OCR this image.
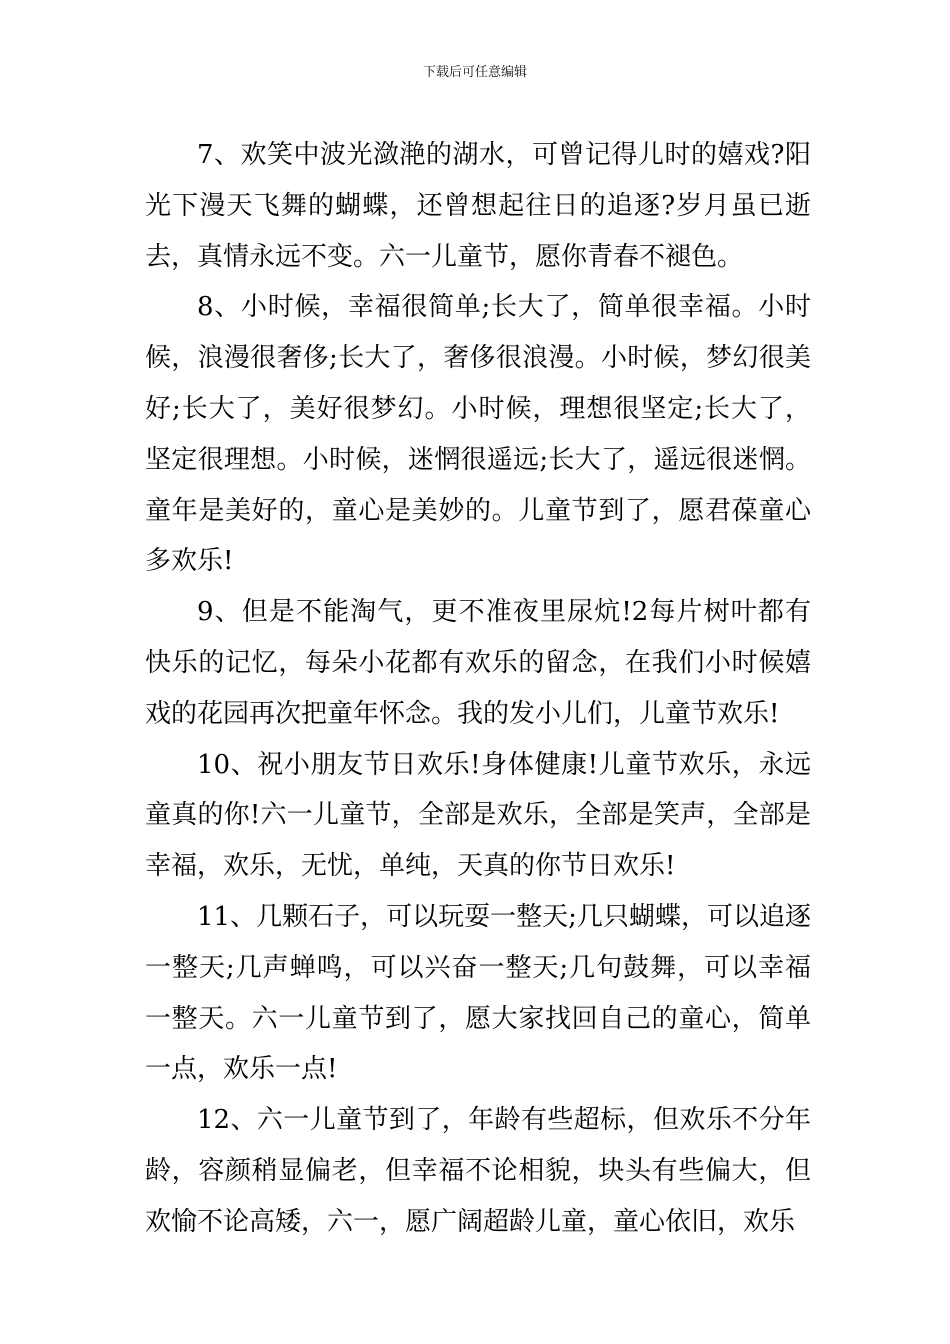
下载后可任意编辑

7、欢笑中波光潋滟的湖水，可曾记得儿时的嬉戏?阳光下漫天飞舞的蝴蝶，还曾想起往日的追逐?岁月虽已逝去，真情永远不变。六一儿童节，愿你青春不褪色。

8、小时候，幸福很简单;长大了，简单很幸福。小时候，浪漫很奢侈;长大了，奢侈很浪漫。小时候，梦幻很美好;长大了，美好很梦幻。小时候，理想很坚定;长大了，坚定很理想。小时候，迷惘很遥远;长大了，遥远很迷惘。童年是美好的，童心是美妙的。儿童节到了，愿君葆童心多欢乐!

9、但是不能淘气，更不准夜里尿炕!2每片树叶都有快乐的记忆，每朵小花都有欢乐的留念，在我们小时候嬉戏的花园再次把童年怀念。我的发小儿们，儿童节欢乐!

10、祝小朋友节日欢乐!身体健康!儿童节欢乐，永远童真的你!六一儿童节，全部是欢乐，全部是笑声，全部是幸福，欢乐，无忧，单纯，天真的你节日欢乐!

11、几颗石子，可以玩耍一整天;几只蝴蝶，可以追逐一整天;几声蝉鸣，可以兴奋一整天;几句鼓舞，可以幸福一整天。六一儿童节到了，愿大家找回自己的童心，简单一点，欢乐一点!

12、六一儿童节到了，年龄有些超标，但欢乐不分年龄，容颜稍显偏老，但幸福不论相貌，块头有些偏大，但欢愉不论高矮，六一，愿广阔超龄儿童，童心依旧，欢乐
